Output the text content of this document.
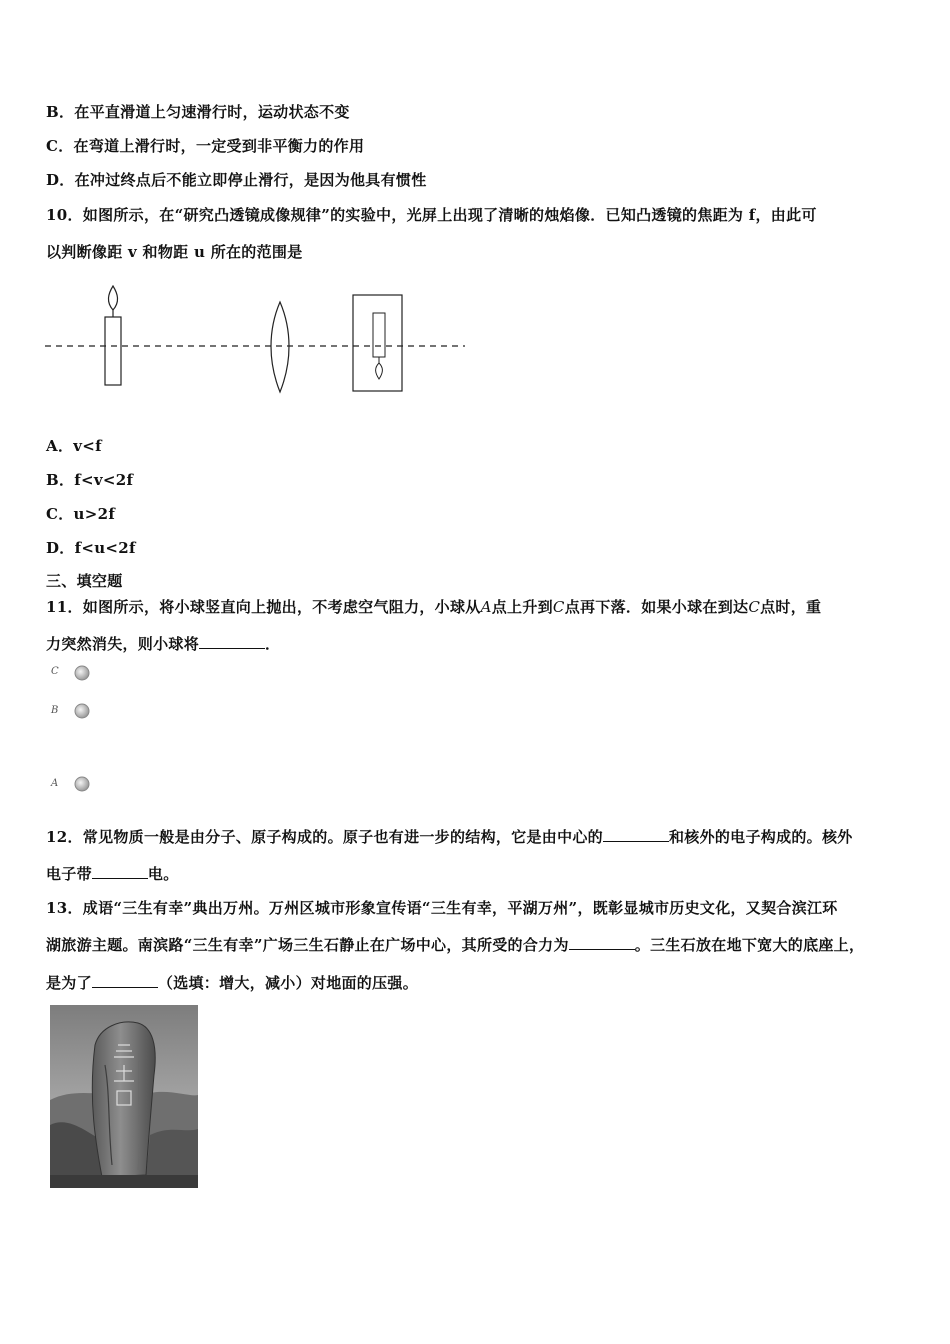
B．在平直滑道上匀速滑行时，运动状态不变
C．在弯道上滑行时，一定受到非平衡力的作用
D．在冲过终点后不能立即停止滑行，是因为他具有惯性
10．如图所示，在“研究凸透镜成像规律”的实验中，光屏上出现了清晰的烛焰像．已知凸透镜的焦距为 f，由此可
以判断像距 v 和物距 u 所在的范围是
A．v<f
B．f<v<2f
C．u>2f
D．f<u<2f
三、填空题
11．如图所示，将小球竖直向上抛出，不考虑空气阻力，小球从A点上升到C点再下落．如果小球在到达C点时，重
力突然消失，则小球将	．
C
B
A
12．常见物质一般是由分子、原子构成的。原子也有进一步的结构，它是由中心的	和核外的电子构成的。核外
电子带	电。
13．成语“三生有幸”典出万州。万州区城市形象宣传语“三生有幸，平湖万州”，既彰显城市历史文化，又契合滨江环
湖旅游主题。南滨路“三生有幸”广场三生石静止在广场中心，其所受的合力为	。三生石放在地下宽大的底座上，
是为了	（选填：增大，减小）对地面的压强。
